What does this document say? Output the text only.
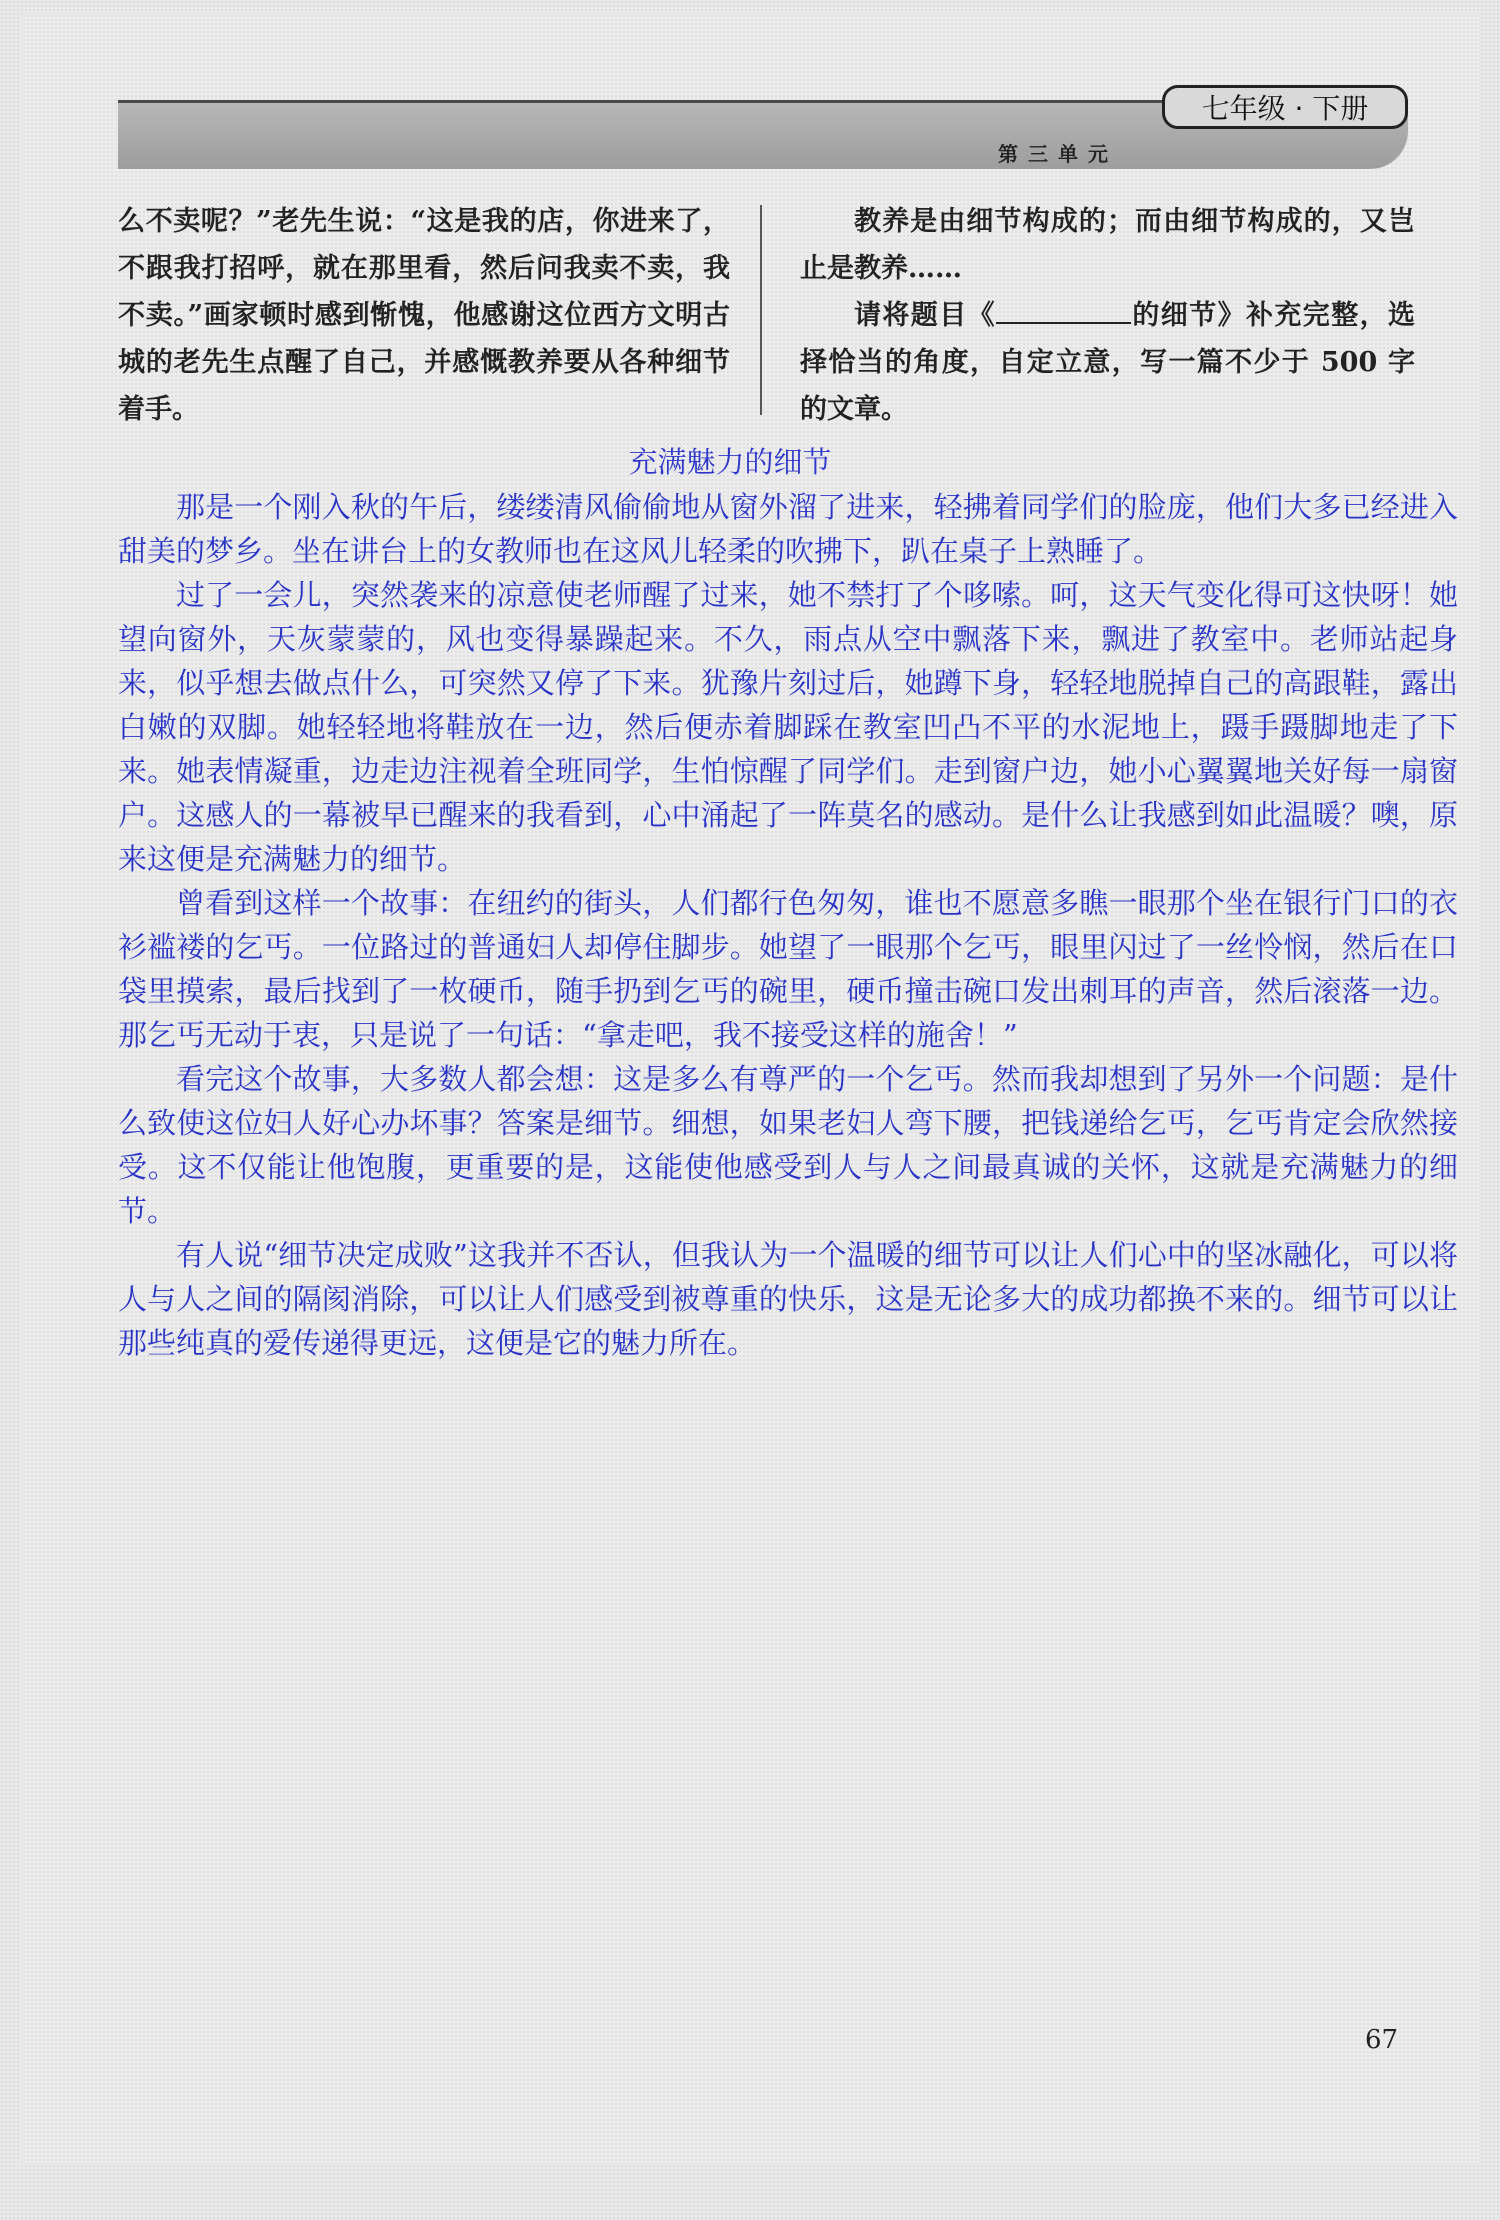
七年级 · 下册
第三单元

么不卖呢？”老先生说：“这是我的店，你进来了，不跟我打招呼，就在那里看，然后问我卖不卖，我不卖。”画家顿时感到惭愧，他感谢这位西方文明古城的老先生点醒了自己，并感慨教养要从各种细节着手。

教养是由细节构成的；而由细节构成的，又岂止是教养……

请将题目《	的细节》补充完整，选择恰当的角度，自定立意，写一篇不少于 500 字的文章。

充满魅力的细节

那是一个刚入秋的午后，缕缕清风偷偷地从窗外溜了进来，轻拂着同学们的脸庞，他们大多已经进入甜美的梦乡。坐在讲台上的女教师也在这风儿轻柔的吹拂下，趴在桌子上熟睡了。

过了一会儿，突然袭来的凉意使老师醒了过来，她不禁打了个哆嗦。呵，这天气变化得可这快呀！她望向窗外，天灰蒙蒙的，风也变得暴躁起来。不久，雨点从空中飘落下来，飘进了教室中。老师站起身来，似乎想去做点什么，可突然又停了下来。犹豫片刻过后，她蹲下身，轻轻地脱掉自己的高跟鞋，露出白嫩的双脚。她轻轻地将鞋放在一边，然后便赤着脚踩在教室凹凸不平的水泥地上，蹑手蹑脚地走了下来。她表情凝重，边走边注视着全班同学，生怕惊醒了同学们。走到窗户边，她小心翼翼地关好每一扇窗户。这感人的一幕被早已醒来的我看到，心中涌起了一阵莫名的感动。是什么让我感到如此温暖？噢，原来这便是充满魅力的细节。

曾看到这样一个故事：在纽约的街头，人们都行色匆匆，谁也不愿意多瞧一眼那个坐在银行门口的衣衫褴褛的乞丐。一位路过的普通妇人却停住脚步。她望了一眼那个乞丐，眼里闪过了一丝怜悯，然后在口袋里摸索，最后找到了一枚硬币，随手扔到乞丐的碗里，硬币撞击碗口发出刺耳的声音，然后滚落一边。那乞丐无动于衷，只是说了一句话：“拿走吧，我不接受这样的施舍！”

看完这个故事，大多数人都会想：这是多么有尊严的一个乞丐。然而我却想到了另外一个问题：是什么致使这位妇人好心办坏事？答案是细节。细想，如果老妇人弯下腰，把钱递给乞丐，乞丐肯定会欣然接受。这不仅能让他饱腹，更重要的是，这能使他感受到人与人之间最真诚的关怀，这就是充满魅力的细节。

有人说“细节决定成败”这我并不否认，但我认为一个温暖的细节可以让人们心中的坚冰融化，可以将人与人之间的隔阂消除，可以让人们感受到被尊重的快乐，这是无论多大的成功都换不来的。细节可以让那些纯真的爱传递得更远，这便是它的魅力所在。

67
